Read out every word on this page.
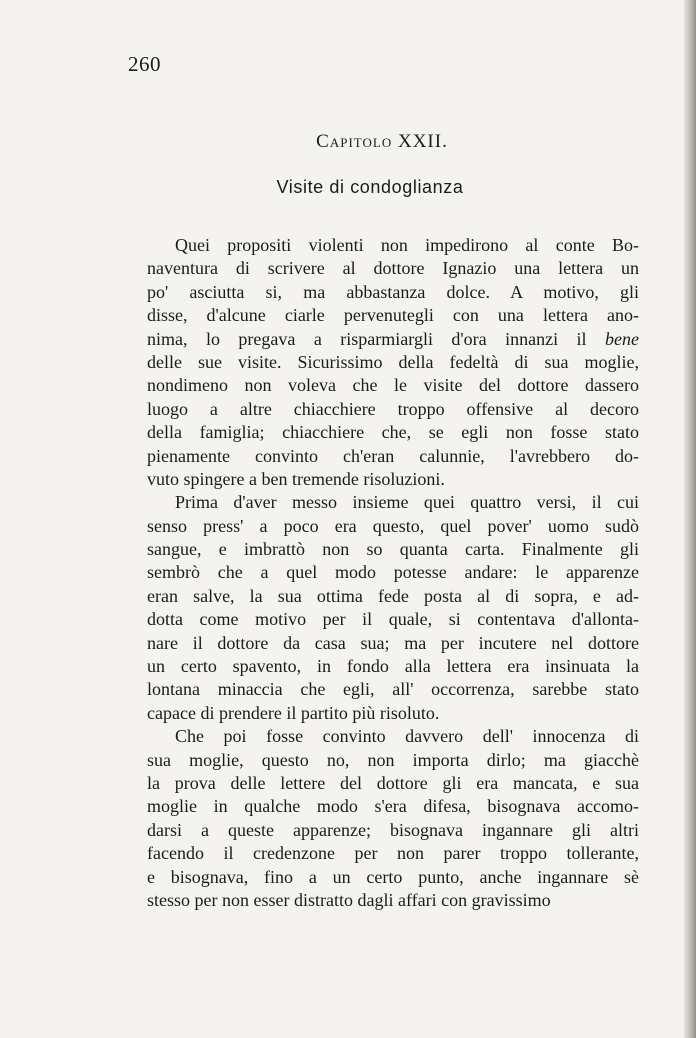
260
Capitolo XXII.
Visite di condoglianza
Quei propositi violenti non impedirono al conte Bo-
naventura di scrivere al dottore Ignazio una lettera un
po' asciutta si, ma abbastanza dolce. A motivo, gli
disse, d'alcune ciarle pervenutegli con una lettera ano-
nima, lo pregava a risparmiargli d'ora innanzi il bene
delle sue visite. Sicurissimo della fedeltà di sua moglie,
nondimeno non voleva che le visite del dottore dassero
luogo a altre chiacchiere troppo offensive al decoro
della famiglia; chiacchiere che, se egli non fosse stato
pienamente convinto ch'eran calunnie, l'avrebbero do-
vuto spingere a ben tremende risoluzioni.
Prima d'aver messo insieme quei quattro versi, il cui
senso press' a poco era questo, quel pover' uomo sudò
sangue, e imbrattò non so quanta carta. Finalmente gli
sembrò che a quel modo potesse andare: le apparenze
eran salve, la sua ottima fede posta al di sopra, e ad-
dotta come motivo per il quale, si contentava d'allonta-
nare il dottore da casa sua; ma per incutere nel dottore
un certo spavento, in fondo alla lettera era insinuata la
lontana minaccia che egli, all' occorrenza, sarebbe stato
capace di prendere il partito più risoluto.
Che poi fosse convinto davvero dell' innocenza di
sua moglie, questo no, non importa dirlo; ma giacchè
la prova delle lettere del dottore gli era mancata, e sua
moglie in qualche modo s'era difesa, bisognava accomo-
darsi a queste apparenze; bisognava ingannare gli altri
facendo il credenzone per non parer troppo tollerante,
e bisognava, fino a un certo punto, anche ingannare sè
stesso per non esser distratto dagli affari con gravissimo
